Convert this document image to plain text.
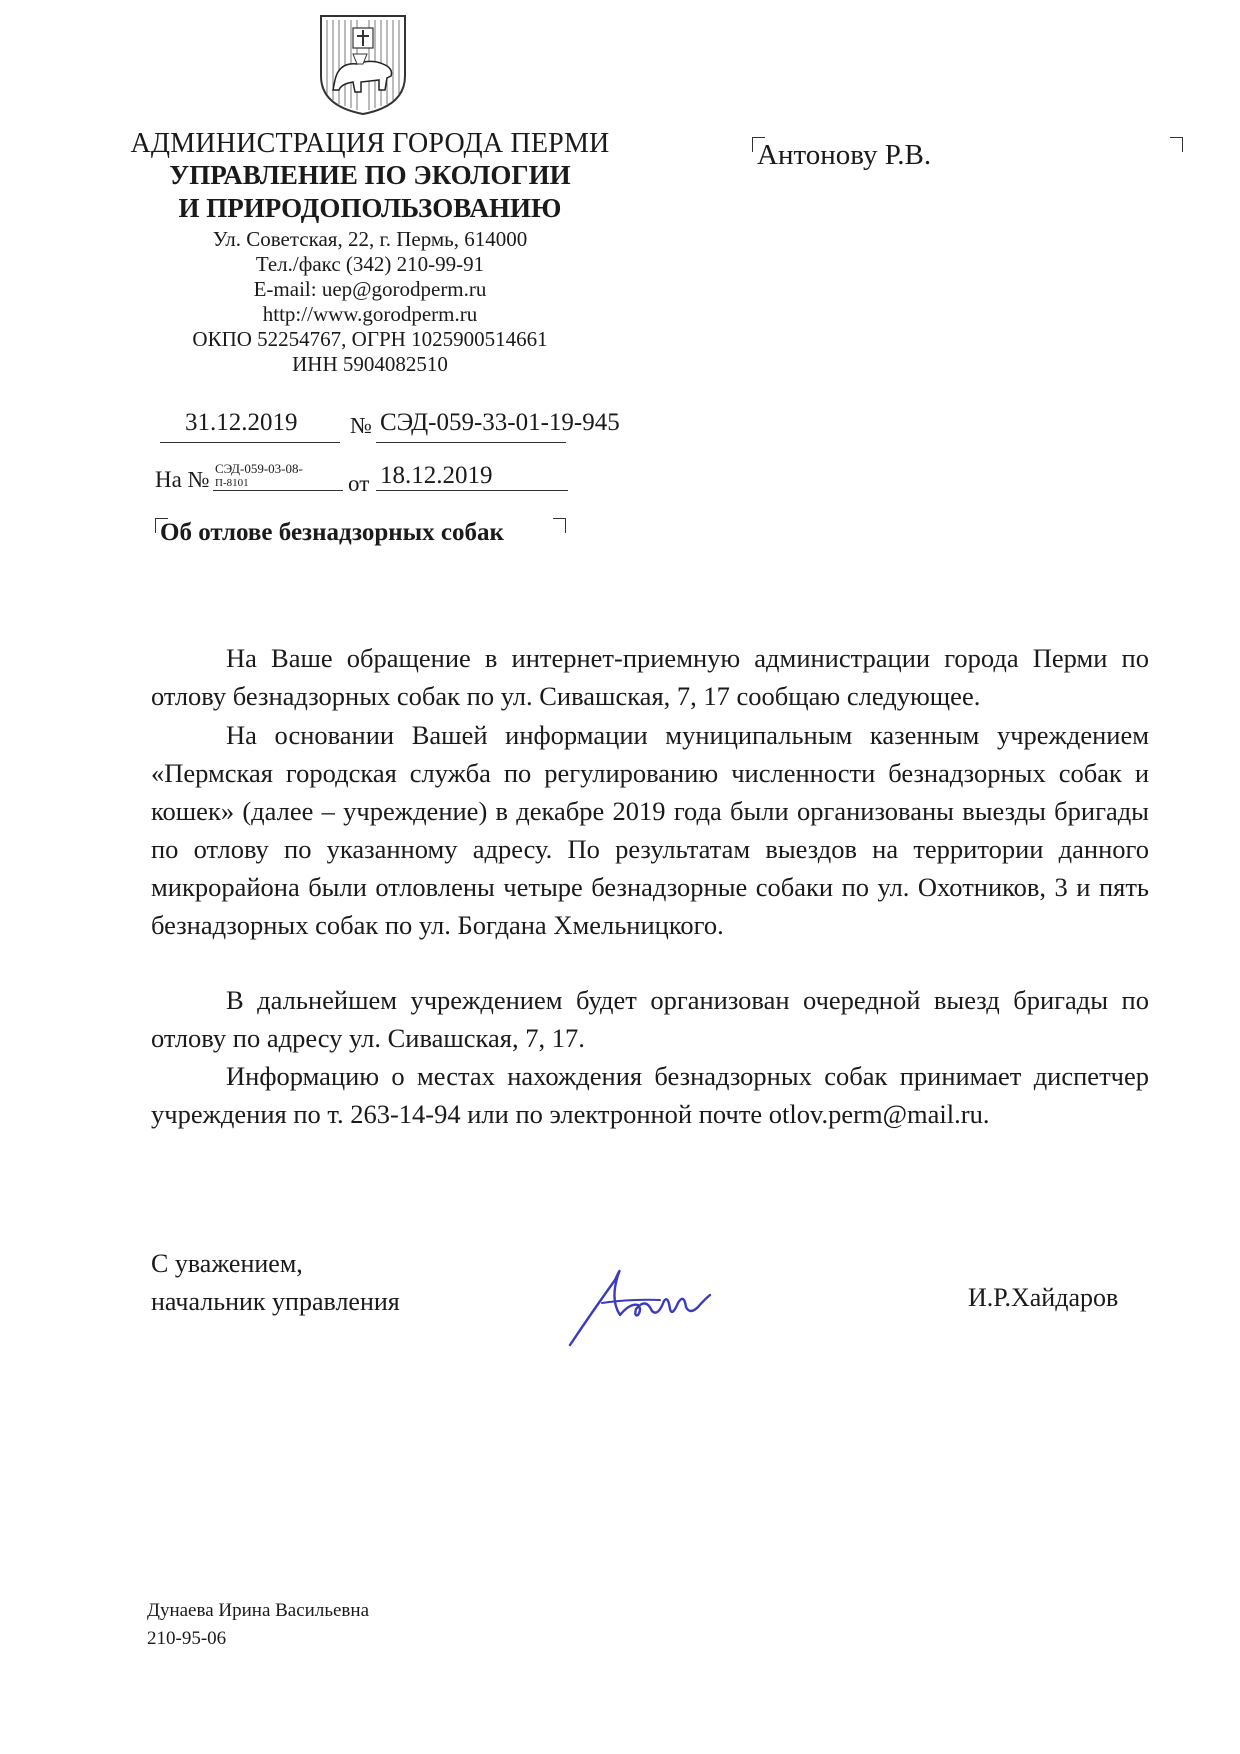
АДМИНИСТРАЦИЯ ГОРОДА ПЕРМИ
УПРАВЛЕНИЕ ПО ЭКОЛОГИИ
И ПРИРОДОПОЛЬЗОВАНИЮ
Ул. Советская, 22, г. Пермь, 614000
Тел./факс (342) 210-99-91
E-mail: uep@gorodperm.ru
http://www.gorodperm.ru
ОКПО 52254767, ОГРН 1025900514661
ИНН 5904082510
Антонову Р.В.
31.12.2019 № СЭД-059-33-01-19-945
На № СЭД-059-03-08-
П-8101	от 18.12.2019
Об отлове безнадзорных собак
На Ваше обращение в интернет-приемную администрации города Перми по отлову безнадзорных собак по ул. Сивашская, 7, 17 сообщаю следующее.
На основании Вашей информации муниципальным казенным учреждением «Пермская городская служба по регулированию численности безнадзорных собак и кошек» (далее – учреждение) в декабре 2019 года были организованы выезды бригады по отлову по указанному адресу. По результатам выездов на территории данного микрорайона были отловлены четыре безнадзорные собаки по ул. Охотников, 3 и пять безнадзорных собак по ул. Богдана Хмельницкого.
В дальнейшем учреждением будет организован очередной выезд бригады по отлову по адресу ул. Сивашская, 7, 17.
Информацию о местах нахождения безнадзорных собак принимает диспетчер учреждения по т. 263-14-94 или по электронной почте otlov.perm@mail.ru.
С уважением,
начальник управления	И.Р.Хайдаров
Дунаева Ирина Васильевна
210-95-06
